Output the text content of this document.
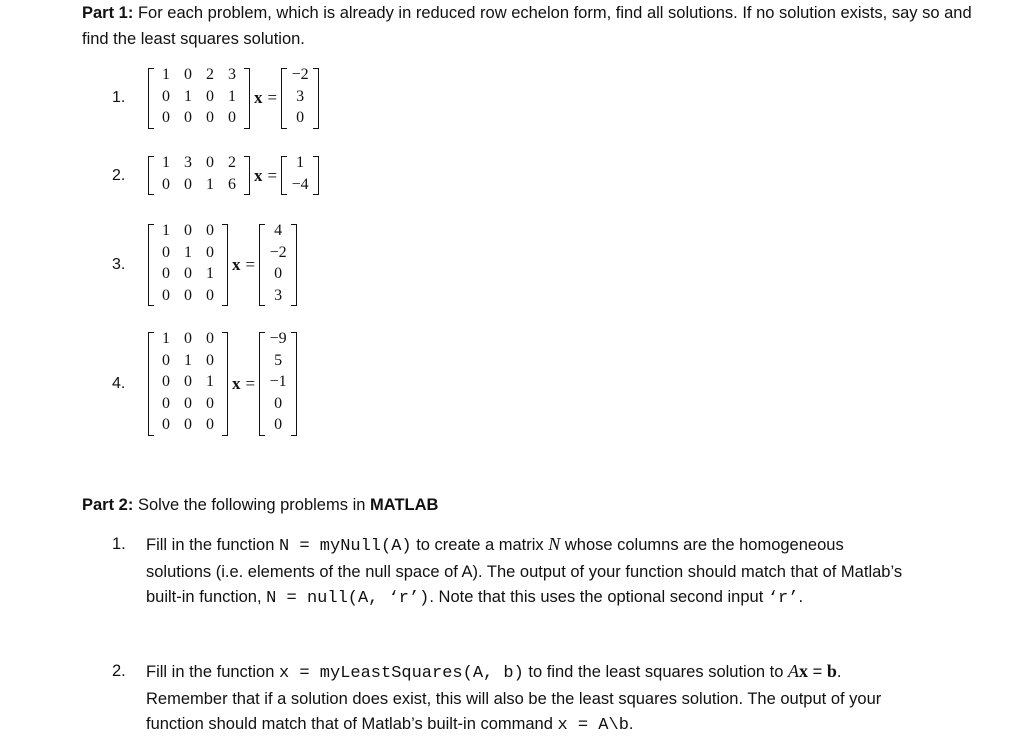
Part 1: For each problem, which is already in reduced row echelon form, find all solutions. If no solution exists, say so and find the least squares solution.
1.
1 0 2 3
0 1 0 1
0 0 0 0
x =
−2
3
0
2.
1 3 0 2
0 0 1 6	x =
1
−4
3.
1 0 0
0 1 0
0 0 1
0 0 0
x =
4
−2
0
3
4.
1 0 0
0 1 0
0 0 1
0 0 0
0 0 0
x =
−9
5
−1
0
0
Part 2: Solve the following problems in MATLAB
1.	Fill in the function N = myNull(A) to create a matrix N whose columns are the homogeneous solutions (i.e. elements of the null space of A). The output of your function should match that of Matlab’s built-in function, N = null(A, ‘r’). Note that this uses the optional second input ‘r’.
2.	Fill in the function x = myLeastSquares(A, b) to find the least squares solution to Ax = b. Remember that if a solution does exist, this will also be the least squares solution. The output of your function should match that of Matlab’s built-in command x = A\b.
